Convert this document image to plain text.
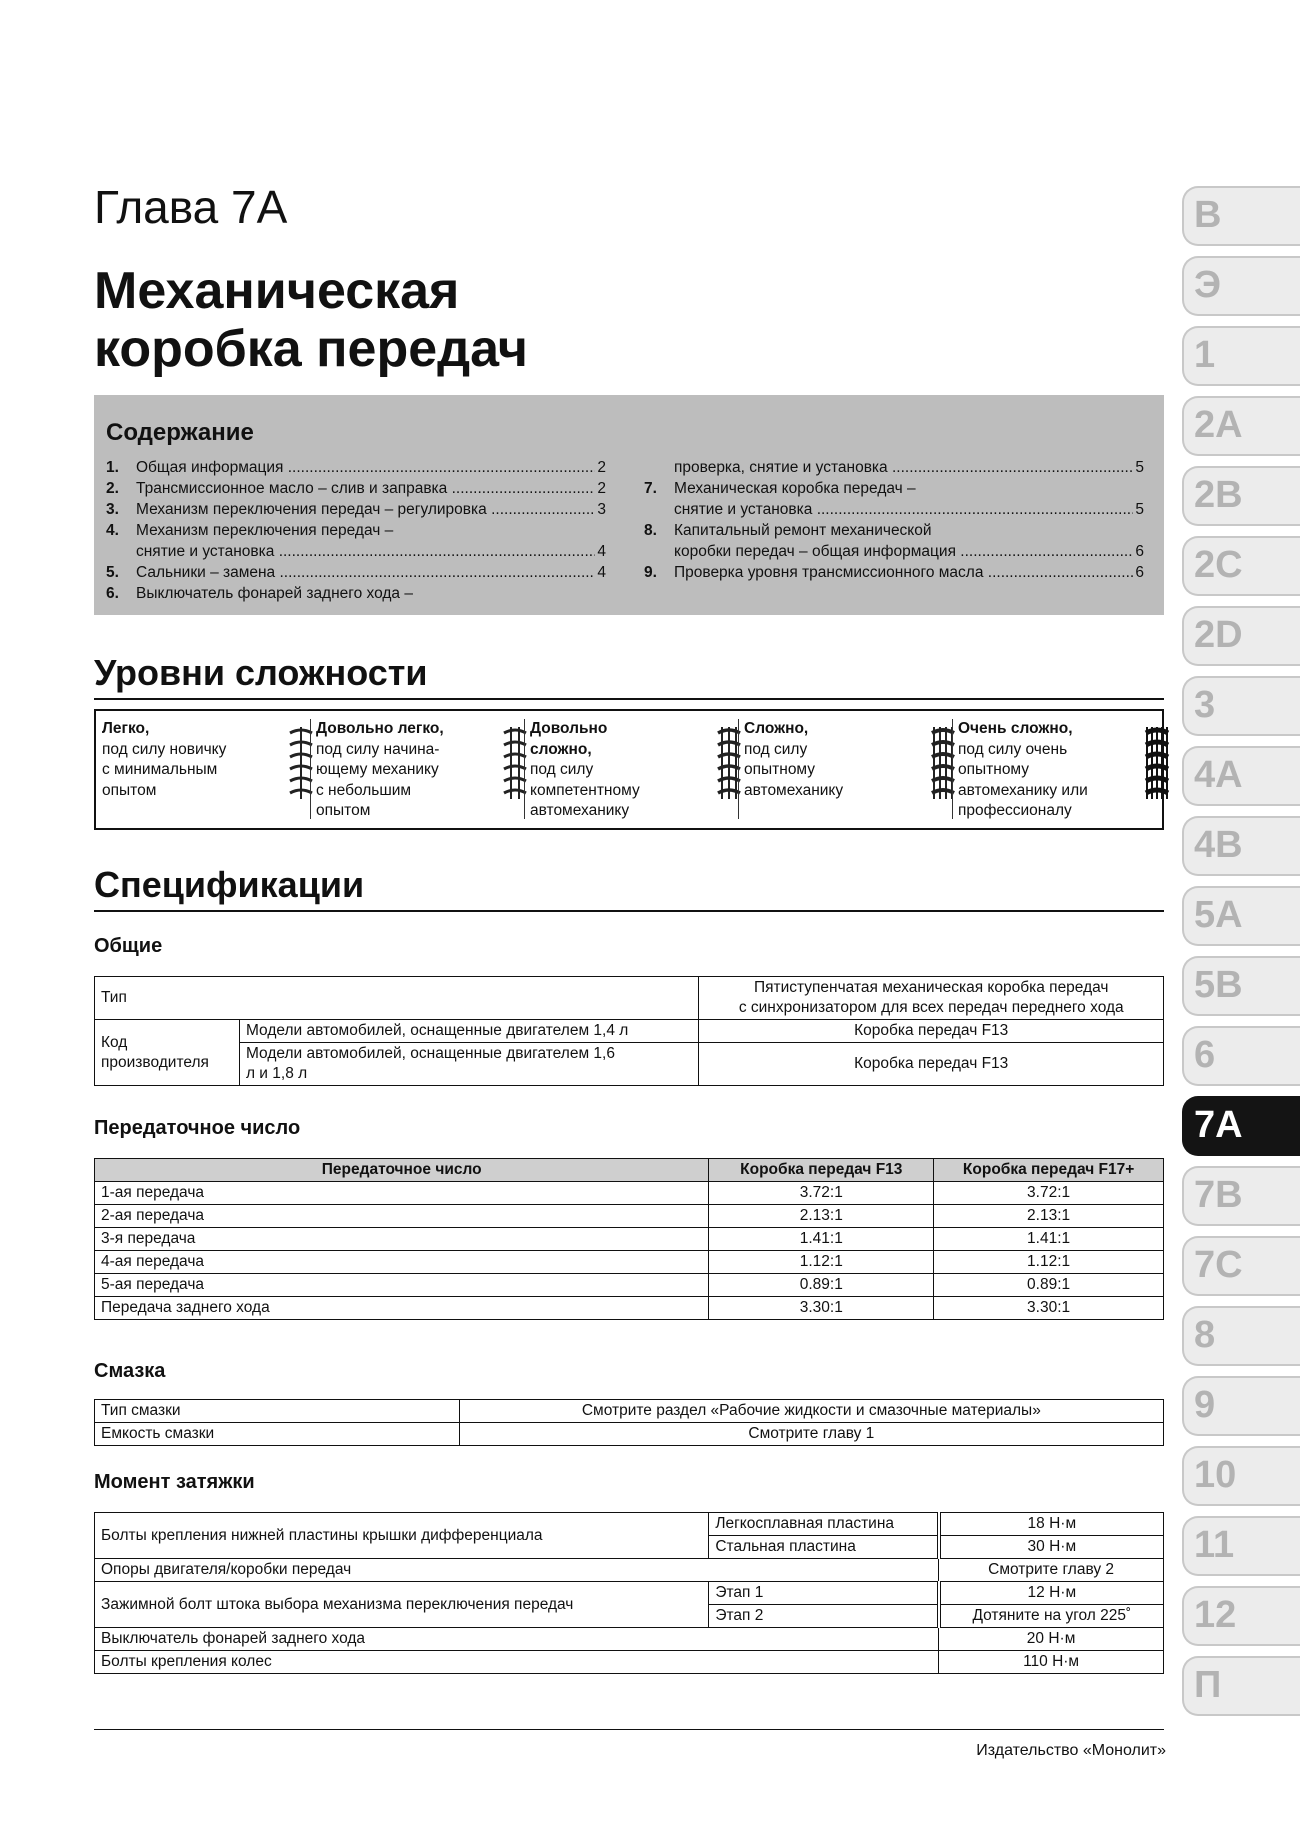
Глава 7А
Механическая
коробка передач
Содержание
1.	Общая информация .....	2
2.	Трансмиссионное масло – слив и заправка .....	2
3.	Механизм переключения передач – регулировка .....	3
4.	Механизм переключения передач –
снятие и установка .....	4
5.	Сальники – замена .....	4
6.	Выключатель фонарей заднего хода –
проверка, снятие и установка .....	5
7.	Механическая коробка передач –
снятие и установка .....	5
8.	Капитальный ремонт механической
коробки передач – общая информация .....	6
9.	Проверка уровня трансмиссионного масла .....	6
Уровни сложности
Легко,
под силу новичку
с минимальным
опытом
Довольно легко,
под силу начина-
ющему механику
с небольшим
опытом
Довольно
сложно,
под силу
компетентному
автомеханику
Сложно,
под силу
опытному
автомеханику
Очень сложно,
под силу очень
опытному
автомеханику или
профессионалу
Спецификации
Общие
Тип		Пятиступенчатая механическая коробка передач
с синхронизатором для всех передач переднего хода

Код
производителя	Модели автомобилей, оснащенные двигателем 1,4 л	Коробка передач F13

	Модели автомобилей, оснащенные двигателем 1,6
л и 1,8 л	Коробка передач F13
Передаточное число
Передаточное число	Коробка передач F13	Коробка передач F17+
1-ая передача	3.72:1	3.72:1
2-ая передача	2.13:1	2.13:1
3-я передача	1.41:1	1.41:1
4-ая передача	1.12:1	1.12:1
5-ая передача	0.89:1	0.89:1
Передача заднего хода	3.30:1	3.30:1
Смазка
Тип смазки	Смотрите раздел «Рабочие жидкости и смазочные материалы»
Емкость смазки	Смотрите главу 1
Момент затяжки
Болты крепления нижней пластины крышки дифференциала	Легкосплавная пластина	18 Н·м
	Стальная пластина	30 Н·м
Опоры двигателя/коробки передач		Смотрите главу 2
Зажимной болт штока выбора механизма переключения передач	Этап 1	12 Н·м
	Этап 2	Дотяните на угол 225˚
Выключатель фонарей заднего хода		20 Н·м
Болты крепления колес		110 Н·м
Издательство «Монолит»
В
Э
1
2A
2B
2C
2D
3
4A
4B
5A
5B
6
7A
7B
7C
8
9
10
11
12
П
